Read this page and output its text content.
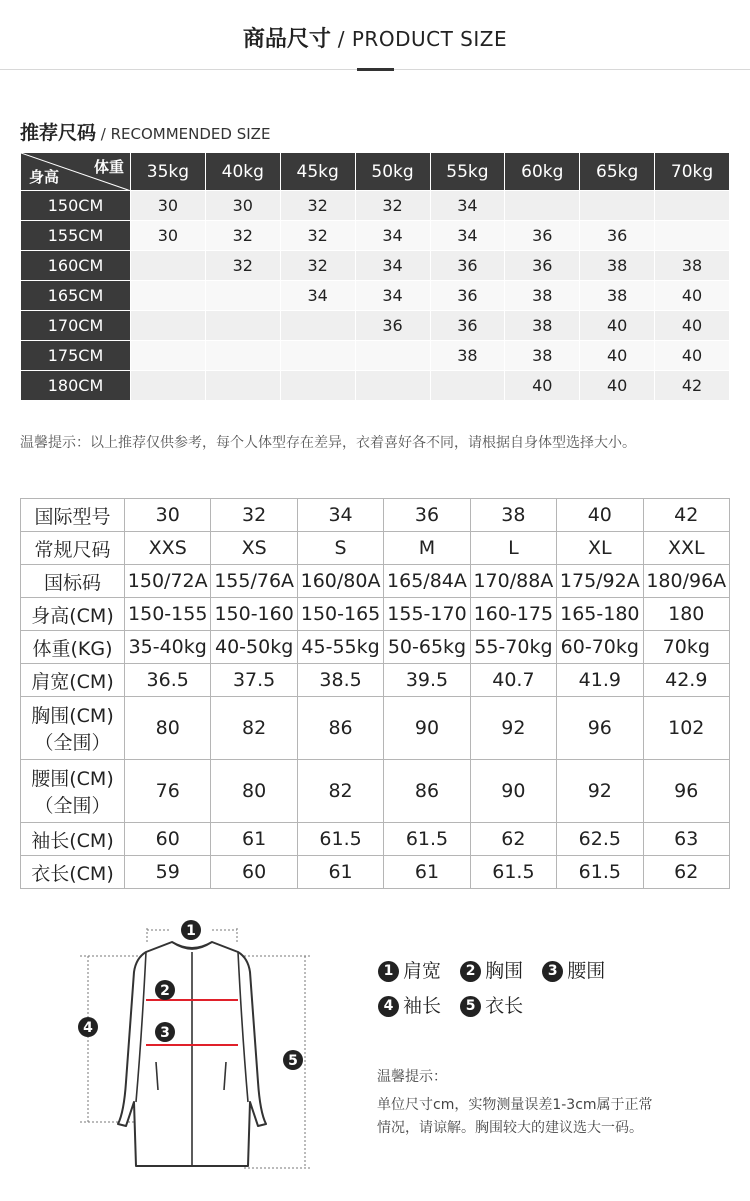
商品尺寸 / PRODUCT SIZE
推荐尺码 / RECOMMENDED SIZE
体重
身高	35kg	40kg	45kg	50kg	55kg	60kg	65kg	70kg
150CM	30	30	32	32	34			
155CM	30	32	32	34	34	36	36	
160CM		32	32	34	36	36	38	38
165CM			34	34	36	38	38	40
170CM				36	36	38	40	40
175CM					38	38	40	40
180CM						40	40	42
温馨提示：以上推荐仅供参考，每个人体型存在差异，衣着喜好各不同，请根据自身体型选择大小。
国际型号	30	32	34	36	38	40	42
常规尺码	XXS	XS	S	M	L	XL	XXL
国标码	150/72A	155/76A	160/80A	165/84A	170/88A	175/92A	180/96A
身高(CM)	150-155	150-160	150-165	155-170	160-175	165-180	180
体重(KG)	35-40kg	40-50kg	45-55kg	50-65kg	55-70kg	60-70kg	70kg
肩宽(CM)	36.5	37.5	38.5	39.5	40.7	41.9	42.9
胸围(CM)
（全围）	80	82	86	90	92	96	102
腰围(CM)
（全围）	76	80	82	86	90	92	96
袖长(CM)	60	61	61.5	61.5	62	62.5	63
衣长(CM)	59	60	61	61	61.5	61.5	62
1
2
3
4
5
1 肩宽 2 胸围 3 腰围
4 袖长 5 衣长
温馨提示：
单位尺寸cm，实物测量误差1-3cm属于正常
情况，请谅解。胸围较大的建议选大一码。
